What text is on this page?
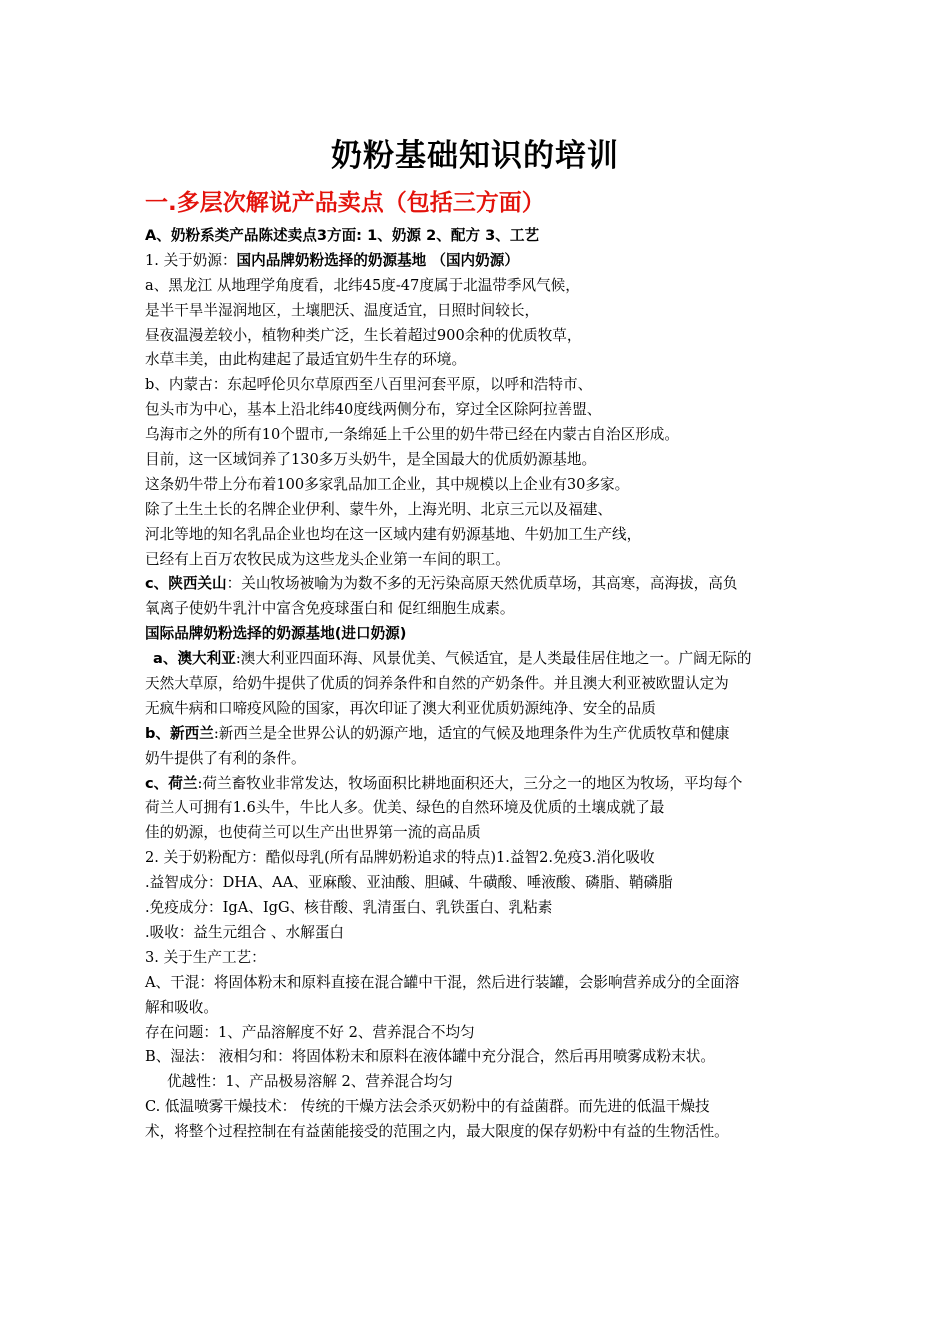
奶粉基础知识的培训
一.多层次解说产品卖点（包括三方面）
A、奶粉系类产品陈述卖点3方面: 1、奶源 2、配方 3、工艺
1. 关于奶源：国内品牌奶粉选择的奶源基地 （国内奶源）
a、黑龙江 从地理学角度看，北纬45度-47度属于北温带季风气候，
是半干旱半湿润地区，土壤肥沃、温度适宜，日照时间较长，
昼夜温漫差较小，植物种类广泛，生长着超过900余种的优质牧草，
水草丰美，由此构建起了最适宜奶牛生存的环境。
b、内蒙古：东起呼伦贝尔草原西至八百里河套平原，以呼和浩特市、
包头市为中心，基本上沿北纬40度线两侧分布，穿过全区除阿拉善盟、
乌海市之外的所有10个盟市,一条绵延上千公里的奶牛带已经在内蒙古自治区形成。
目前，这一区域饲养了130多万头奶牛，是全国最大的优质奶源基地。
这条奶牛带上分布着100多家乳品加工企业，其中规模以上企业有30多家。
除了土生土长的名牌企业伊利、蒙牛外，上海光明、北京三元以及福建、
河北等地的知名乳品企业也均在这一区域内建有奶源基地、牛奶加工生产线，
已经有上百万农牧民成为这些龙头企业第一车间的职工。
c、陕西关山：关山牧场被喻为为数不多的无污染高原天然优质草场，其高寒，高海拔，高负
氧离子使奶牛乳汁中富含免疫球蛋白和 促红细胞生成素。
国际品牌奶粉选择的奶源基地(进口奶源)
a、澳大利亚:澳大利亚四面环海、风景优美、气候适宜，是人类最佳居住地之一。广阔无际的
天然大草原，给奶牛提供了优质的饲养条件和自然的产奶条件。并且澳大利亚被欧盟认定为
无疯牛病和口啼疫风险的国家，再次印证了澳大利亚优质奶源纯净、安全的品质
b、新西兰:新西兰是全世界公认的奶源产地，适宜的气候及地理条件为生产优质牧草和健康
奶牛提供了有利的条件。
c、荷兰:荷兰畜牧业非常发达，牧场面积比耕地面积还大，三分之一的地区为牧场，平均每个
荷兰人可拥有1.6头牛，牛比人多。优美、绿色的自然环境及优质的土壤成就了最
佳的奶源，也使荷兰可以生产出世界第一流的高品质
2. 关于奶粉配方：酷似母乳(所有品牌奶粉追求的特点)1.益智2.免疫3.消化吸收
.益智成分：DHA、AA、亚麻酸、亚油酸、胆碱、牛磺酸、唾液酸、磷脂、鞘磷脂
.免疫成分：IgA、IgG、核苷酸、乳清蛋白、乳铁蛋白、乳粘素
.吸收：益生元组合 、水解蛋白
3. 关于生产工艺：
A、干混：将固体粉末和原料直接在混合罐中干混，然后进行装罐，会影响营养成分的全面溶
解和吸收。
存在问题：1、产品溶解度不好 2、营养混合不均匀
B、湿法： 液相匀和：将固体粉末和原料在液体罐中充分混合，然后再用喷雾成粉末状。
优越性：1、产品极易溶解 2、营养混合均匀
C. 低温喷雾干燥技术： 传统的干燥方法会杀灭奶粉中的有益菌群。而先进的低温干燥技
术，将整个过程控制在有益菌能接受的范围之内，最大限度的保存奶粉中有益的生物活性。
